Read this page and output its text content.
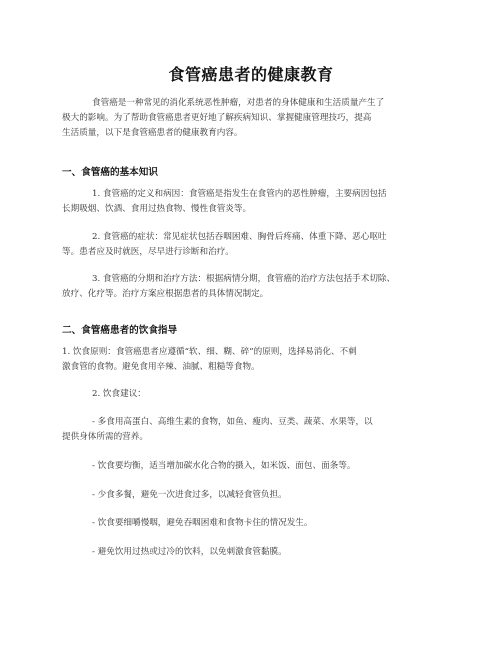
食管癌患者的健康教育
食管癌是一种常见的消化系统恶性肿瘤，对患者的身体健康和生活质量产生了
极大的影响。为了帮助食管癌患者更好地了解疾病知识、掌握健康管理技巧，提高
生活质量，以下是食管癌患者的健康教育内容。
一、食管癌的基本知识
1. 食管癌的定义和病因：食管癌是指发生在食管内的恶性肿瘤，主要病因包括
长期吸烟、饮酒、食用过热食物、慢性食管炎等。
2. 食管癌的症状：常见症状包括吞咽困难、胸骨后疼痛、体重下降、恶心呕吐
等。患者应及时就医，尽早进行诊断和治疗。
3. 食管癌的分期和治疗方法：根据病情分期，食管癌的治疗方法包括手术切除、
放疗、化疗等。治疗方案应根据患者的具体情况制定。
二、食管癌患者的饮食指导
1. 饮食原则：食管癌患者应遵循“软、细、糊、碎”的原则，选择易消化、不刺
激食管的食物。避免食用辛辣、油腻、粗糙等食物。
2. 饮食建议：
- 多食用高蛋白、高维生素的食物，如鱼、瘦肉、豆类、蔬菜、水果等，以
提供身体所需的营养。
- 饮食要均衡，适当增加碳水化合物的摄入，如米饭、面包、面条等。
- 少食多餐，避免一次进食过多，以减轻食管负担。
- 饮食要细嚼慢咽，避免吞咽困难和食物卡住的情况发生。
- 避免饮用过热或过冷的饮料，以免刺激食管黏膜。
